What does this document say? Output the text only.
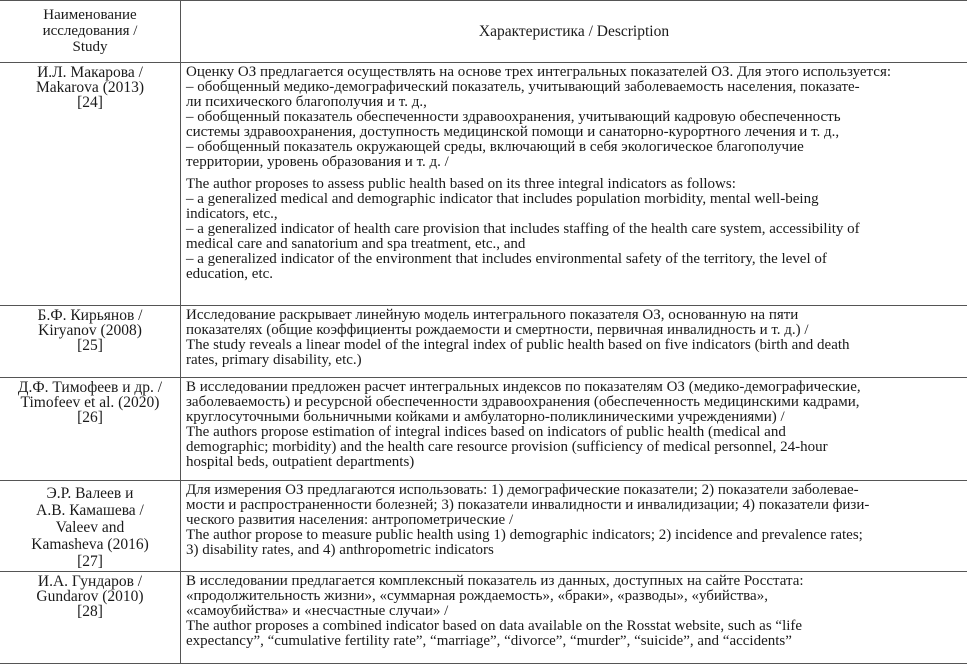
Наименование
исследования /
Study
Характеристика / Description
И.Л. Макарова /
Makarova (2013)
[24]
Оценку ОЗ предлагается осуществлять на основе трех интегральных показателей ОЗ. Для этого используется:
– обобщенный медико-демографический показатель, учитывающий заболеваемость населения, показате-
ли психического благополучия и т. д.,
– обобщенный показатель обеспеченности здравоохранения, учитывающий кадровую обеспеченность
системы здравоохранения, доступность медицинской помощи и санаторно-курортного лечения и т. д.,
– обобщенный показатель окружающей среды, включающий в себя экологическое благополучие
территории, уровень образования и т. д. /
The author proposes to assess public health based on its three integral indicators as follows:
– a generalized medical and demographic indicator that includes population morbidity, mental well-being
indicators, etc.,
– a generalized indicator of health care provision that includes staffing of the health care system, accessibility of
medical care and sanatorium and spa treatment, etc., and
– a generalized indicator of the environment that includes environmental safety of the territory, the level of
education, etc.
Б.Ф. Кирьянов /
Kiryanov (2008)
[25]
Исследование раскрывает линейную модель интегрального показателя ОЗ, основанную на пяти
показателях (общие коэффициенты рождаемости и смертности, первичная инвалидность и т. д.) /
The study reveals a linear model of the integral index of public health based on five indicators (birth and death
rates, primary disability, etc.)
Д.Ф. Тимофеев и др. /
Timofeev et al. (2020)
[26]
В исследовании предложен расчет интегральных индексов по показателям ОЗ (медико-демографические,
заболеваемость) и ресурсной обеспеченности здравоохранения (обеспеченность медицинскими кадрами,
круглосуточными больничными койками и амбулаторно-поликлиническими учреждениями) /
The authors propose estimation of integral indices based on indicators of public health (medical and
demographic; morbidity) and the health care resource provision (sufficiency of medical personnel, 24-hour
hospital beds, outpatient departments)
Э.Р. Валеев и
А.В. Камашева /
Valeev and
Kamasheva (2016)
[27]
Для измерения ОЗ предлагаются использовать: 1) демографические показатели; 2) показатели заболевае-
мости и распространенности болезней; 3) показатели инвалидности и инвалидизации; 4) показатели физи-
ческого развития населения: антропометрические /
The author propose to measure public health using 1) demographic indicators; 2) incidence and prevalence rates;
3) disability rates, and 4) anthropometric indicators
И.А. Гундаров /
Gundarov (2010)
[28]
В исследовании предлагается комплексный показатель из данных, доступных на сайте Росстата:
«продолжительность жизни», «суммарная рождаемость», «браки», «разводы», «убийства»,
«самоубийства» и «несчастные случаи» /
The author proposes a combined indicator based on data available on the Rosstat website, such as “life
expectancy”, “cumulative fertility rate”, “marriage”, “divorce”, “murder”, “suicide”, and “accidents”
